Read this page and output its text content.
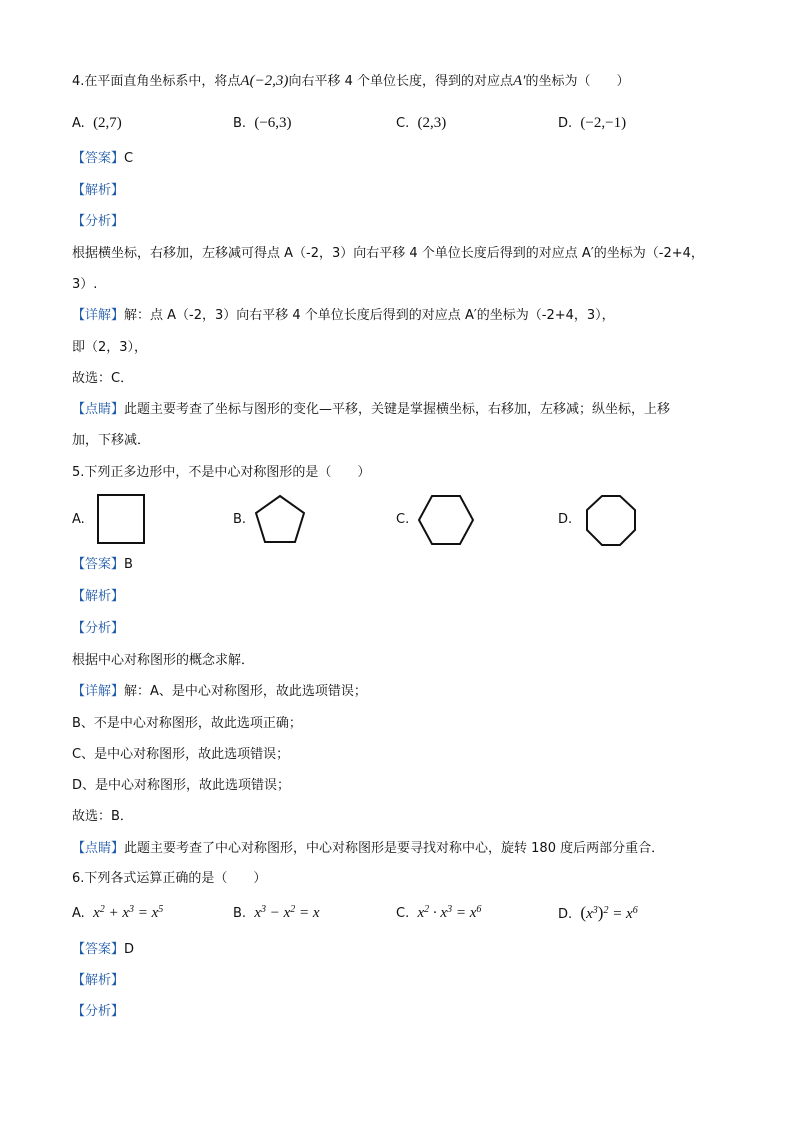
4.在平面直角坐标系中，将点A(−2,3)向右平移 4 个单位长度，得到的对应点A′的坐标为（　　）
A. (2,7)	B. (−6,3)	C. (2,3)	D. (−2,−1)
【答案】C
【解析】
【分析】
根据横坐标，右移加，左移减可得点 A（-2，3）向右平移 4 个单位长度后得到的对应点 A′的坐标为（-2+4，
3）.
【详解】解：点 A（-2，3）向右平移 4 个单位长度后得到的对应点 A′的坐标为（-2+4，3），
即（2，3），
故选：C．
【点睛】此题主要考查了坐标与图形的变化—平移，关键是掌握横坐标，右移加，左移减；纵坐标，上移
加，下移减．
5.下列正多边形中，不是中心对称图形的是（　　）
A.	B.	C.	D.
【答案】B
【解析】
【分析】
根据中心对称图形的概念求解．
【详解】解：A、是中心对称图形，故此选项错误；
B、不是中心对称图形，故此选项正确；
C、是中心对称图形，故此选项错误；
D、是中心对称图形，故此选项错误；
故选：B．
【点睛】此题主要考查了中心对称图形，中心对称图形是要寻找对称中心，旋转 180 度后两部分重合．
6.下列各式运算正确的是（　　）
A. $x^2 + x^3 = x^5$	B. $x^3 - x^2 = x$	C. $x^2 \cdot x^3 = x^6$	D. $(x^3)^2 = x^6$
【答案】D
【解析】
【分析】
